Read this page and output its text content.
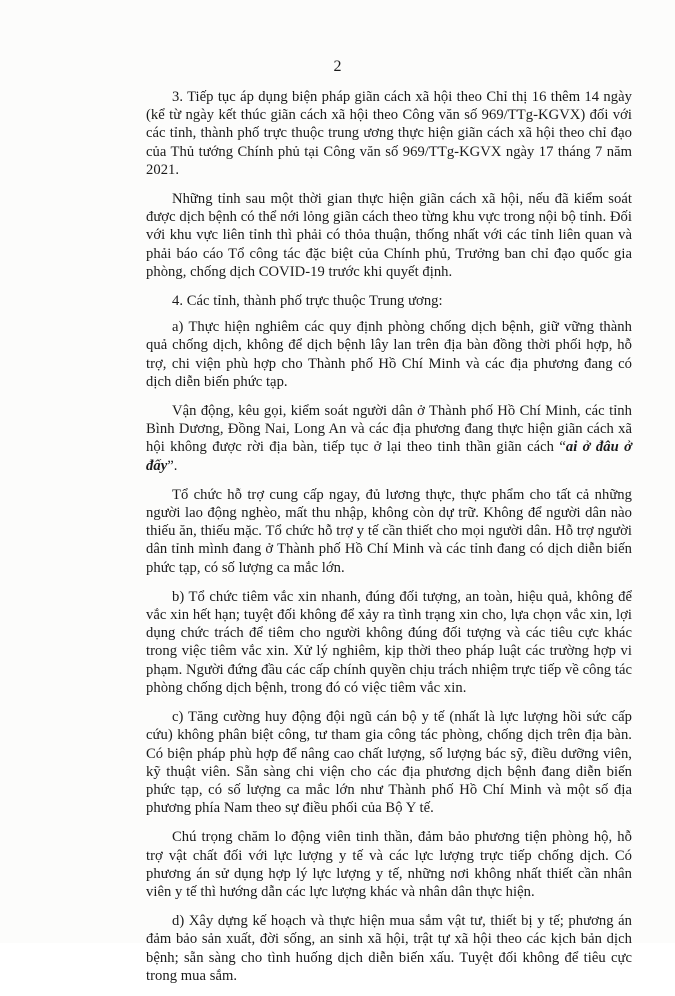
2

3. Tiếp tục áp dụng biện pháp giãn cách xã hội theo Chỉ thị 16 thêm 14 ngày (kể từ ngày kết thúc giãn cách xã hội theo Công văn số 969/TTg-KGVX) đối với các tỉnh, thành phố trực thuộc trung ương thực hiện giãn cách xã hội theo chỉ đạo của Thủ tướng Chính phủ tại Công văn số 969/TTg-KGVX ngày 17 tháng 7 năm 2021.

Những tỉnh sau một thời gian thực hiện giãn cách xã hội, nếu đã kiểm soát được dịch bệnh có thể nới lỏng giãn cách theo từng khu vực trong nội bộ tỉnh. Đối với khu vực liên tỉnh thì phải có thỏa thuận, thống nhất với các tỉnh liên quan và phải báo cáo Tổ công tác đặc biệt của Chính phủ, Trưởng ban chỉ đạo quốc gia phòng, chống dịch COVID-19 trước khi quyết định.

4. Các tỉnh, thành phố trực thuộc Trung ương:

a) Thực hiện nghiêm các quy định phòng chống dịch bệnh, giữ vững thành quả chống dịch, không để dịch bệnh lây lan trên địa bàn đồng thời phối hợp, hỗ trợ, chi viện phù hợp cho Thành phố Hồ Chí Minh và các địa phương đang có dịch diễn biến phức tạp.

Vận động, kêu gọi, kiểm soát người dân ở Thành phố Hồ Chí Minh, các tỉnh Bình Dương, Đồng Nai, Long An và các địa phương đang thực hiện giãn cách xã hội không được rời địa bàn, tiếp tục ở lại theo tinh thần giãn cách “ai ở đâu ở đấy”.

Tổ chức hỗ trợ cung cấp ngay, đủ lương thực, thực phẩm cho tất cả những người lao động nghèo, mất thu nhập, không còn dự trữ. Không để người dân nào thiếu ăn, thiếu mặc. Tổ chức hỗ trợ y tế cần thiết cho mọi người dân. Hỗ trợ người dân tỉnh mình đang ở Thành phố Hồ Chí Minh và các tỉnh đang có dịch diễn biến phức tạp, có số lượng ca mắc lớn.

b) Tổ chức tiêm vắc xin nhanh, đúng đối tượng, an toàn, hiệu quả, không để vắc xin hết hạn; tuyệt đối không để xảy ra tình trạng xin cho, lựa chọn vắc xin, lợi dụng chức trách để tiêm cho người không đúng đối tượng và các tiêu cực khác trong việc tiêm vắc xin. Xử lý nghiêm, kịp thời theo pháp luật các trường hợp vi phạm. Người đứng đầu các cấp chính quyền chịu trách nhiệm trực tiếp về công tác phòng chống dịch bệnh, trong đó có việc tiêm vắc xin.

c) Tăng cường huy động đội ngũ cán bộ y tế (nhất là lực lượng hồi sức cấp cứu) không phân biệt công, tư tham gia công tác phòng, chống dịch trên địa bàn. Có biện pháp phù hợp để nâng cao chất lượng, số lượng bác sỹ, điều dưỡng viên, kỹ thuật viên. Sẵn sàng chi viện cho các địa phương dịch bệnh đang diễn biến phức tạp, có số lượng ca mắc lớn như Thành phố Hồ Chí Minh và một số địa phương phía Nam theo sự điều phối của Bộ Y tế.

Chú trọng chăm lo động viên tinh thần, đảm bảo phương tiện phòng hộ, hỗ trợ vật chất đối với lực lượng y tế và các lực lượng trực tiếp chống dịch. Có phương án sử dụng hợp lý lực lượng y tế, những nơi không nhất thiết cần nhân viên y tế thì hướng dẫn các lực lượng khác và nhân dân thực hiện.

d) Xây dựng kế hoạch và thực hiện mua sắm vật tư, thiết bị y tế; phương án đảm bảo sản xuất, đời sống, an sinh xã hội, trật tự xã hội theo các kịch bản dịch bệnh; sẵn sàng cho tình huống dịch diễn biến xấu. Tuyệt đối không để tiêu cực trong mua sắm.
